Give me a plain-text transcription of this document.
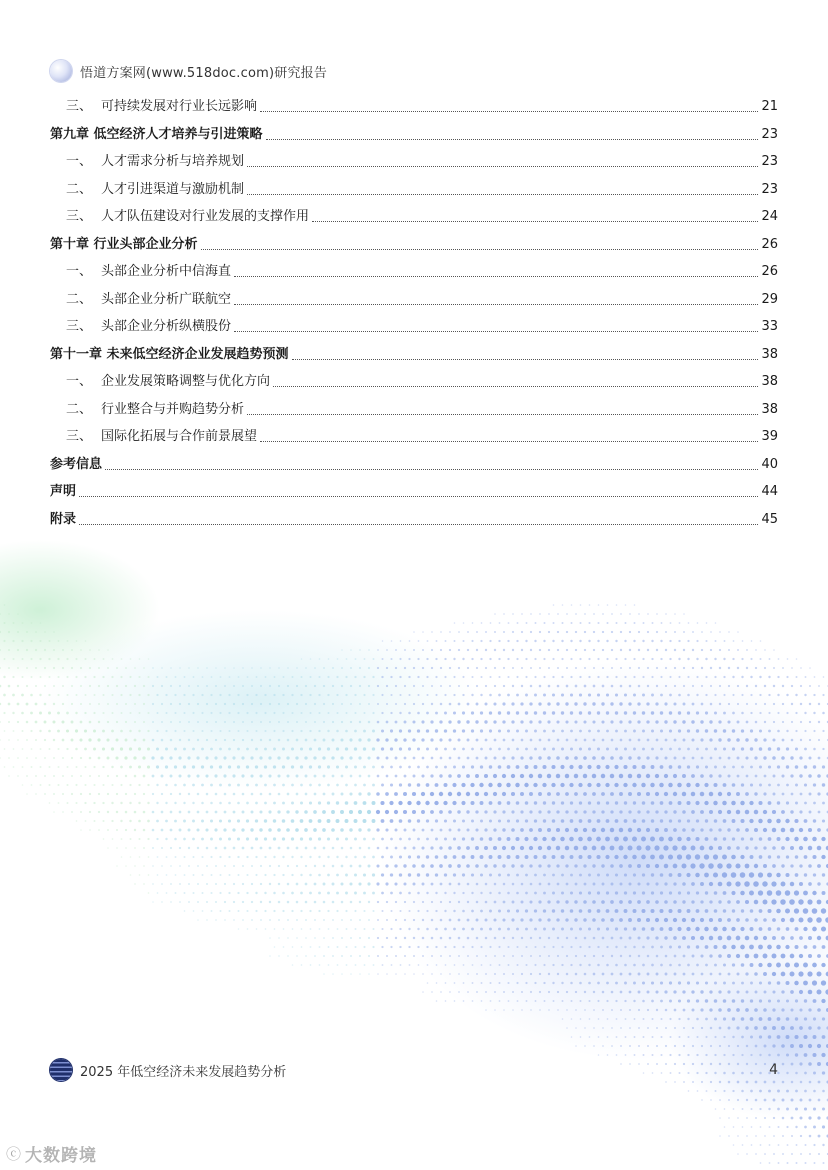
悟道方案网(www.518doc.com)研究报告
三、 可持续发展对行业长远影响	21
第九章 低空经济人才培养与引进策略	23
一、 人才需求分析与培养规划	23
二、 人才引进渠道与激励机制	23
三、 人才队伍建设对行业发展的支撑作用	24
第十章 行业头部企业分析	26
一、 头部企业分析中信海直	26
二、 头部企业分析广联航空	29
三、 头部企业分析纵横股份	33
第十一章 未来低空经济企业发展趋势预测	38
一、 企业发展策略调整与优化方向	38
二、 行业整合与并购趋势分析	38
三、 国际化拓展与合作前景展望	39
参考信息	40
声明	44
附录	45
2025 年低空经济未来发展趋势分析	4
ⓒ 大数跨境
